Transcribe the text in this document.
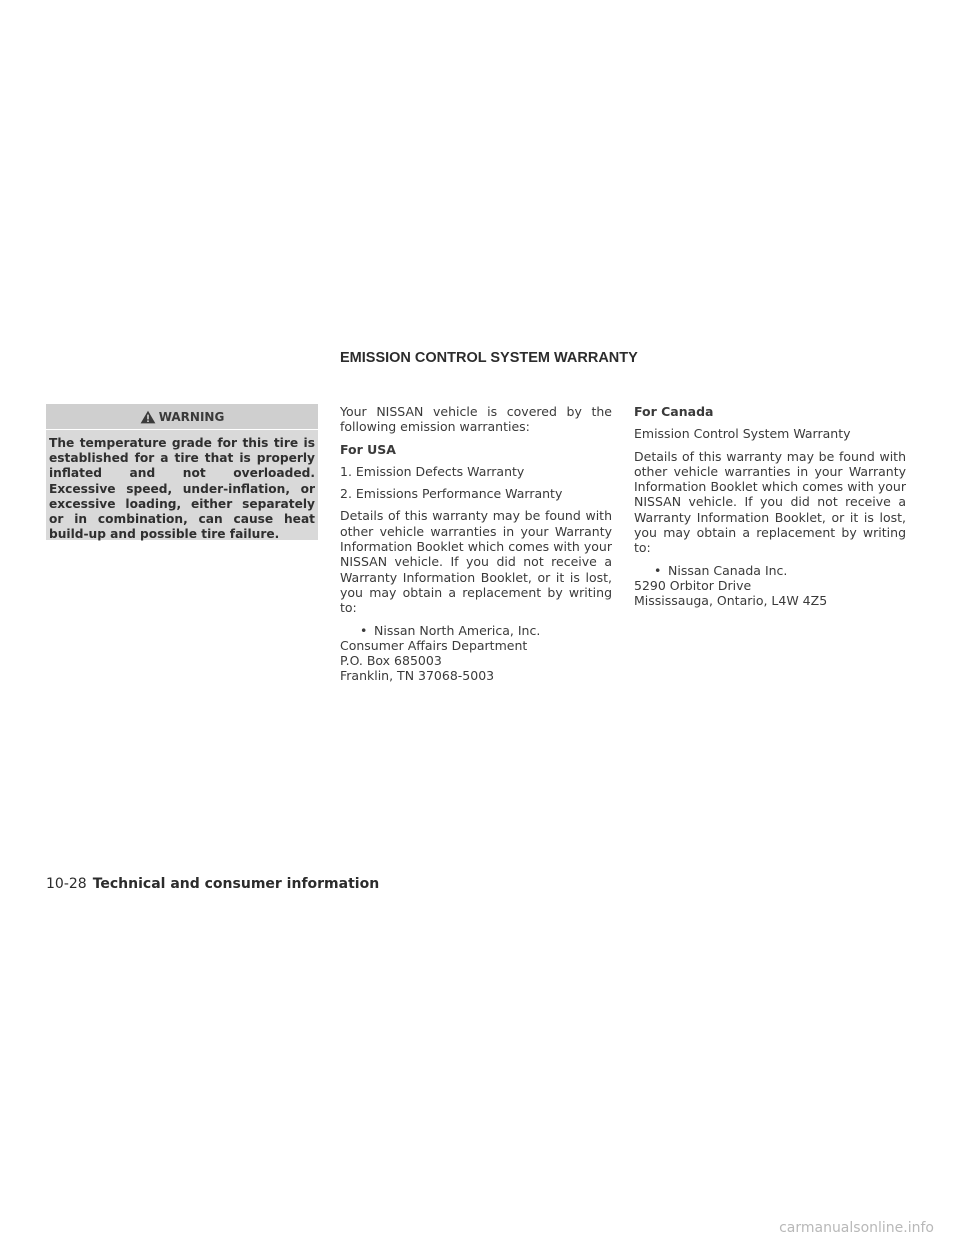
EMISSION CONTROL SYSTEM WARRANTY
WARNING
The temperature grade for this tire is established for a tire that is properly inflated and not overloaded. Excessive speed, under-inflation, or excessive loading, either separately or in combination, can cause heat build-up and possible tire failure.

Your NISSAN vehicle is covered by the following emission warranties:

For USA

1. Emission Defects Warranty

2. Emissions Performance Warranty

Details of this warranty may be found with other vehicle warranties in your Warranty Information Booklet which comes with your NISSAN vehicle. If you did not receive a Warranty Information Booklet, or it is lost, you may obtain a replacement by writing to:

• Nissan North America, Inc.

Consumer Affairs Department

P.O. Box 685003

Franklin, TN 37068-5003

For Canada

Emission Control System Warranty

Details of this warranty may be found with other vehicle warranties in your Warranty Information Booklet which comes with your NISSAN vehicle. If you did not receive a Warranty Information Booklet, or it is lost, you may obtain a replacement by writing to:

• Nissan Canada Inc.

5290 Orbitor Drive

Mississauga, Ontario, L4W 4Z5

10-28 Technical and consumer information
carmanualsonline.info
